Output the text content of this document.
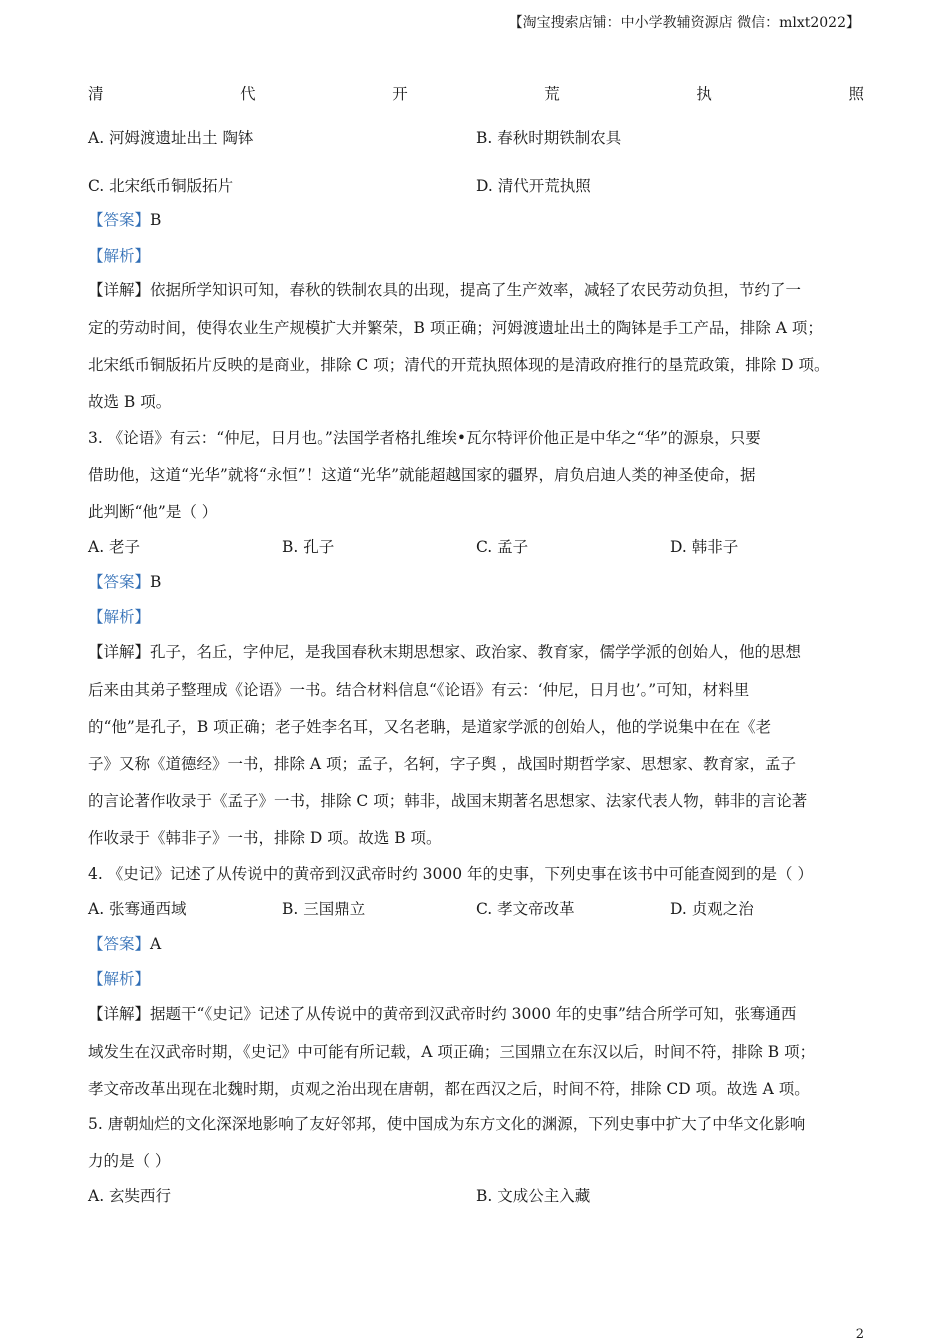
【淘宝搜索店铺：中小学教辅资源店 微信：mlxt2022】
清	代	开	荒	执	照
A. 河姆渡遗址出土 陶钵	B. 春秋时期铁制农具
C. 北宋纸币铜版拓片	D. 清代开荒执照
【答案】B
【解析】
【详解】依据所学知识可知，春秋的铁制农具的出现，提高了生产效率，减轻了农民劳动负担，节约了一
定的劳动时间，使得农业生产规模扩大并繁荣，B 项正确；河姆渡遗址出土的陶钵是手工产品，排除 A 项；
北宋纸币铜版拓片反映的是商业，排除 C 项；清代的开荒执照体现的是清政府推行的垦荒政策，排除 D 项。
故选 B 项。
3. 《论语》有云：“仲尼，日月也。”法国学者格扎维埃•瓦尔特评价他正是中华之“华”的源泉，只要
借助他，这道“光华”就将“永恒”！这道“光华”就能超越国家的疆界，肩负启迪人类的神圣使命，据
此判断“他”是（ ）
A. 老子	B. 孔子	C. 孟子	D. 韩非子
【答案】B
【解析】
【详解】孔子，名丘，字仲尼，是我国春秋末期思想家、政治家、教育家，儒学学派的创始人，他的思想
后来由其弟子整理成《论语》一书。结合材料信息“《论语》有云：‘仲尼，日月也’。”可知，材料里
的“他”是孔子，B 项正确；老子姓李名耳，又名老聃，是道家学派的创始人，他的学说集中在在《老
子》又称《道德经》一书，排除 A 项；孟子，名轲，字子舆 ，战国时期哲学家、思想家、教育家，孟子
的言论著作收录于《孟子》一书，排除 C 项；韩非，战国末期著名思想家、法家代表人物，韩非的言论著
作收录于《韩非子》一书，排除 D 项。故选 B 项。
4. 《史记》记述了从传说中的黄帝到汉武帝时约 3000 年的史事，下列史事在该书中可能查阅到的是（ ）
A. 张骞通西域	B. 三国鼎立	C. 孝文帝改革	D. 贞观之治
【答案】A
【解析】
【详解】据题干“《史记》记述了从传说中的黄帝到汉武帝时约 3000 年的史事”结合所学可知，张骞通西
域发生在汉武帝时期，《史记》中可能有所记载，A 项正确；三国鼎立在东汉以后，时间不符，排除 B 项；
孝文帝改革出现在北魏时期，贞观之治出现在唐朝，都在西汉之后，时间不符，排除 CD 项。故选 A 项。
5. 唐朝灿烂的文化深深地影响了友好邻邦，使中国成为东方文化的渊源，下列史事中扩大了中华文化影响
力的是（ ）
A. 玄奘西行	B. 文成公主入藏
2
